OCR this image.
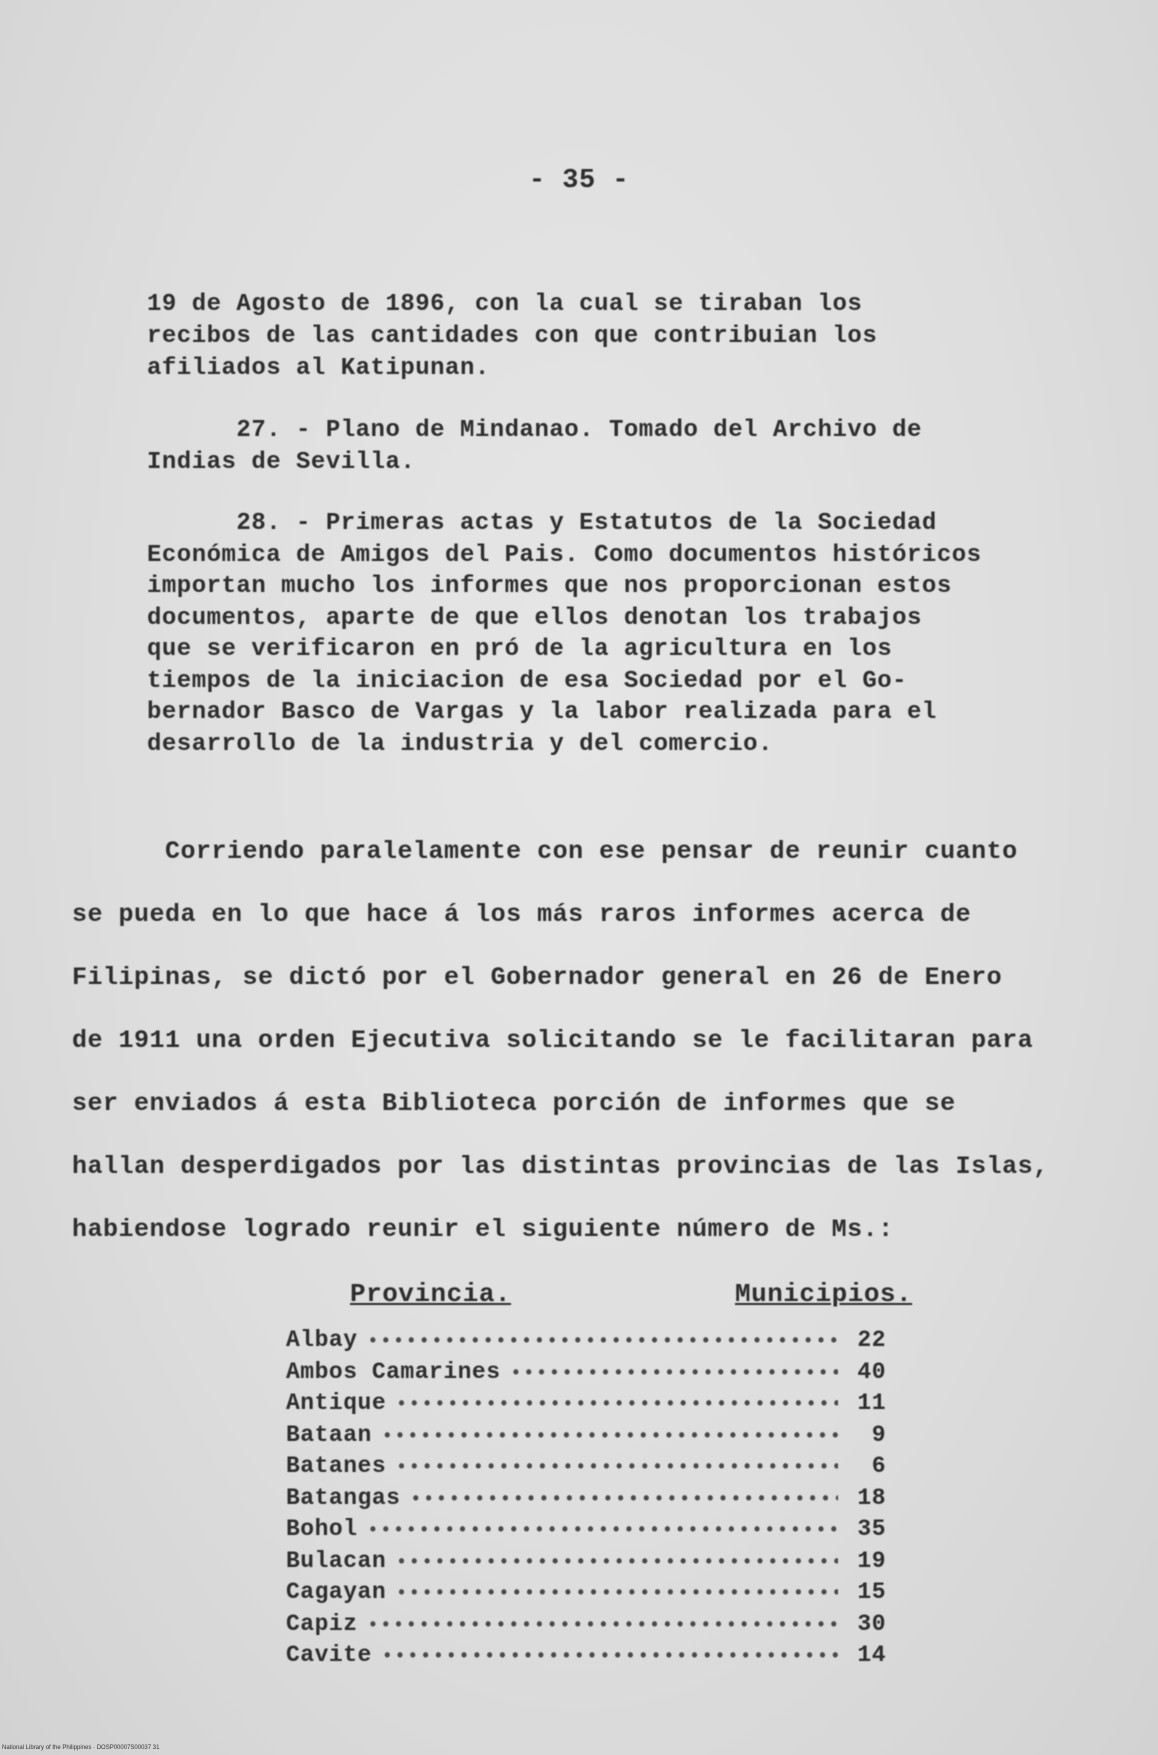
- 35 -
19 de Agosto de 1896, con la cual se tiraban los
recibos de las cantidades con que contribuian los
afiliados al Katipunan.
27. - Plano de Mindanao. Tomado del Archivo de
Indias de Sevilla.
28. - Primeras actas y Estatutos de la Sociedad
Económica de Amigos del Pais. Como documentos históricos
importan mucho los informes que nos proporcionan estos
documentos, aparte de que ellos denotan los trabajos
que se verificaron en pró de la agricultura en los
tiempos de la iniciacion de esa Sociedad por el Go-
bernador Basco de Vargas y la labor realizada para el
desarrollo de la industria y del comercio.
Corriendo paralelamente con ese pensar de reunir cuanto
se pueda en lo que hace á los más raros informes acerca de
Filipinas, se dictó por el Gobernador general en 26 de Enero
de 1911 una orden Ejecutiva solicitando se le facilitaran para
ser enviados á esta Biblioteca porción de informes que se
hallan desperdigados por las distintas provincias de las Islas,
habiendose logrado reunir el siguiente número de Ms.:
Provincia.	Municipios.
Albay •••••	22
Ambos Camarines •••••	40
Antique •••••	11
Bataan •••••	9
Batanes •••••	6
Batangas •••••	18
Bohol •••••	35
Bulacan •••••	19
Cagayan •••••	15
Capiz •••••	30
Cavite •••••	14
National Library of the Philippines · DOSP00007S00037 31
